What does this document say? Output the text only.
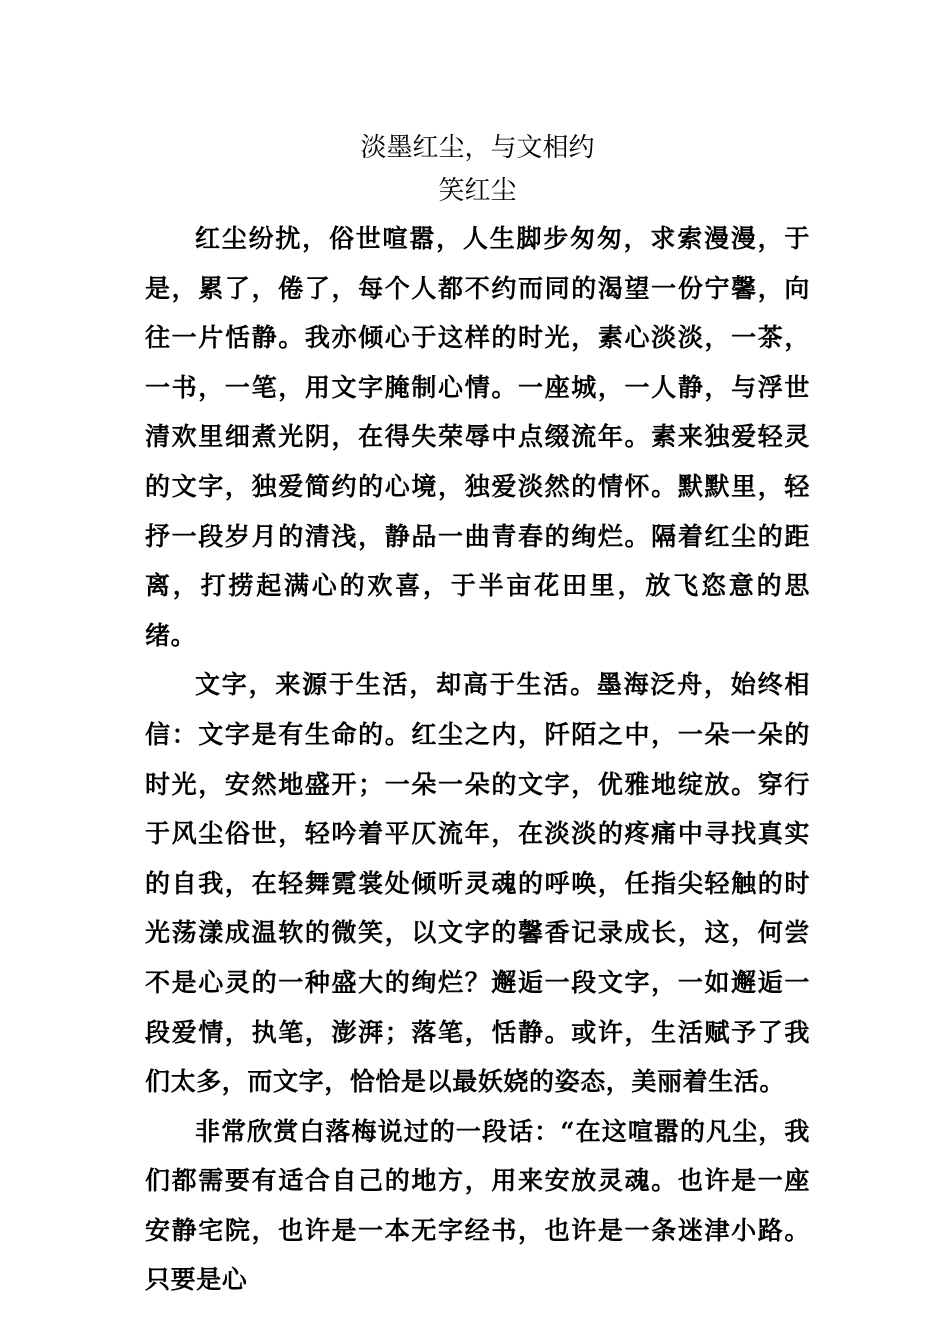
淡墨红尘，与文相约
笑红尘

红尘纷扰，俗世喧嚣，人生脚步匆匆，求索漫漫，于是，累了，倦了，每个人都不约而同的渴望一份宁馨，向往一片恬静。我亦倾心于这样的时光，素心淡淡，一茶，一书，一笔，用文字腌制心情。一座城，一人静，与浮世清欢里细煮光阴，在得失荣辱中点缀流年。素来独爱轻灵的文字，独爱简约的心境，独爱淡然的情怀。默默里，轻抒一段岁月的清浅，静品一曲青春的绚烂。隔着红尘的距离，打捞起满心的欢喜，于半亩花田里，放飞恣意的思绪。

文字，来源于生活，却高于生活。墨海泛舟，始终相信：文字是有生命的。红尘之内，阡陌之中，一朵一朵的时光，安然地盛开；一朵一朵的文字，优雅地绽放。穿行于风尘俗世，轻吟着平仄流年，在淡淡的疼痛中寻找真实的自我，在轻舞霓裳处倾听灵魂的呼唤，任指尖轻触的时光荡漾成温软的微笑，以文字的馨香记录成长，这，何尝不是心灵的一种盛大的绚烂？邂逅一段文字，一如邂逅一段爱情，执笔，澎湃；落笔，恬静。或许，生活赋予了我们太多，而文字，恰恰是以最妖娆的姿态，美丽着生活。

非常欣赏白落梅说过的一段话：“在这喧嚣的凡尘，我们都需要有适合自己的地方，用来安放灵魂。也许是一座安静宅院，也许是一本无字经书，也许是一条迷津小路。只要是心
